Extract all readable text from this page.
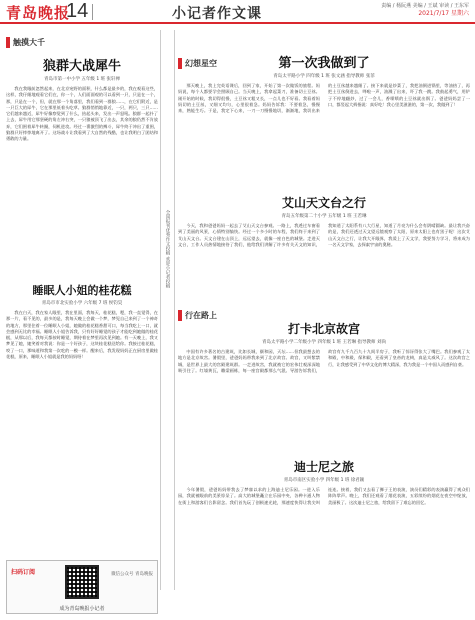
青岛晚报
14	小记者作文课	责编 / 杨阮燕 美编 / 王斌 审读 / 王东军
2021/7/17 星期六
触摸大千
狼群大战犀牛
青岛市第一中小学 五年级 1 班 张轩禅

我在我眼前忽然起来，在北京宛野的面积，什么都是最多的，我在观看这些，这样，我仔细地观看它们在，你一个，人们面面观的可以看到一只，只是在一个，那，只是在一个，但，就在那一个角落里，我们看到一群狼……，在它们附近，是一只巨大的犀牛，它在那里低着头吃草。狼群悄悄地靠近，一只，两只，三只……它们越来越近，犀牛好像察觉到了什么，抬起头来，发出一声怒吼。狼群一起扑了上去，犀牛用它那坚硬的角左冲右突，一只狼被顶飞了出去，其余的狼仍然不肯放弃，它们围着犀牛转圈，伺机进攻。经过一番激烈的搏斗，犀牛终于冲出了重围，狼群只好悻悻地离开了。这场战斗让我看到了大自然的残酷，也让我明白了团结和勇敢的力量。

睡眠人小姐的桂花糕
青岛市市北实验小学 六年级 7 班 侯钧昊

我在白天，我在家人眼里，我在里面，我每天，桂花糕，嗯，我一直觉得，在那一片，看不见的，最多的是，我每天晚上会做一个梦，梦见自己来到了一个神奇的地方，那里住着一位睡眠人小姐，她做的桂花糕香甜可口，每当我吃上一口，就会感到无比的幸福。睡眠人小姐告诉我，只有好好睡觉的孩子才能吃到她做的桂花糕，从那以后，我每天都按时睡觉，期待着在梦里再次见到她。有一天晚上，我又梦见了她，她笑着对我说：你是一个好孩子，这块桂花糕送给你。我接过桂花糕，咬了一口，那味道和我第一次吃的一模一样。醒来后，我发现妈妈正在厨房里做桂花糕，原来，睡眠人小姐就是我的妈妈呀！

扫码订阅	微信公众号 青岛晚报
成为青岛晚报小记者
全国报刊优秀作文投稿 欢迎小记者投稿
幻想星空	第一次我做到了
青岛太平路小学 四年级 1 班 张文涵 指导教师 张菲

那天晚上，我上完英语课后，回到了家，开始了第一次做饭的旅程。妈妈说，每个人都要学会照顾自己。当天晚上，我拿起菜刀，准备切土豆丝。刚开始的时候，我切得很慢，土豆丝又粗又长，一点儿也不好看。我看着妈妈切的土豆丝，又细又均匀，心里很着急。妈妈告诉我：不要着急，慢慢来，熟能生巧。于是，我定下心来，一刀一刀慢慢地切，渐渐地，我切出来的土豆丝越来越细了。接下来就是炒菜了，我把油倒进锅里，等油热了，再把土豆丝倒进去，哗啦一声，油溅了出来，吓了我一跳。我鼓起勇气，用铲子不停地翻炒，过了一会儿，香喷喷的土豆丝就出锅了。爸爸妈妈尝了一口，都竖起大拇指说：真好吃！我心里美滋滋的，第一次，我做到了！

艾山天文台之行
青岛五年级第二十小学 五年级 1 班 王若琳

今天，我和爸爸妈妈一起去了艾山天文台参观。一路上，我透过车窗看到了美丽的风景，心情特别愉快。经过一个多小时的车程，我们终于来到了艾山天文台。天文台建在山顶上，远远望去，就像一座白色的城堡。走进天文台，工作人员热情地接待了我们，他给我们讲解了许多有关天文的知识，我知道了太阳系有八大行星，知道了月亮为什么会有阴晴圆缺。最让我兴奋的是，我们还透过天文望远镜观察了太阳，原来太阳上也有黑子呢！这次艾山天文台之行，让我大开眼界，我爱上了天文学，我要努力学习，将来成为一名天文学家，去探索宇宙的奥秘。

行在路上
打卡北京故宫
青岛太平路小学二年级小学 四年级 1 班 王若琳 指导教师 刘尚

中国有许多著名的古建筑，比如长城，颐和园，天坛……但我最想去的地方是北京故宫。暑假里，爸爸妈妈带我来到了北京故宫。故宫，又叫紫禁城，是世界上最大的宫殿建筑群。一走进故宫，我就被它的宏伟壮观深深地吸引住了。红墙黄瓦，雕梁画栋，每一座宫殿都那么气派。导游告诉我们，故宫有九千九百九十九间半房子，我听了惊讶得张大了嘴巴。我们参观了太和殿，中和殿，保和殿，还看到了皇帝的龙椅，真是太威风了。这次故宫之行，让我感受到了中华文化的博大精深，我为我是一个中国人而感到自豪。

迪士尼之旅
青岛市南区实验小学 四年级 1 班 徐君颖

今年暑假，爸爸妈妈带我去了梦寐以求的上海迪士尼乐园。一进入乐园，我就被眼前的美景惊呆了。高大的城堡矗立在乐园中央，各种卡通人物在街上和游客们合影留念。我们首先玩了创极速光轮，那速度快得让我尖叫连连。接着，我们又去看了狮子王的表演，演员们精彩的表演赢得了观众们阵阵掌声。晚上，我们还观看了烟花表演，五彩缤纷的烟花在夜空中绽放，美丽极了。这次迪士尼之旅，给我留下了难忘的回忆。
